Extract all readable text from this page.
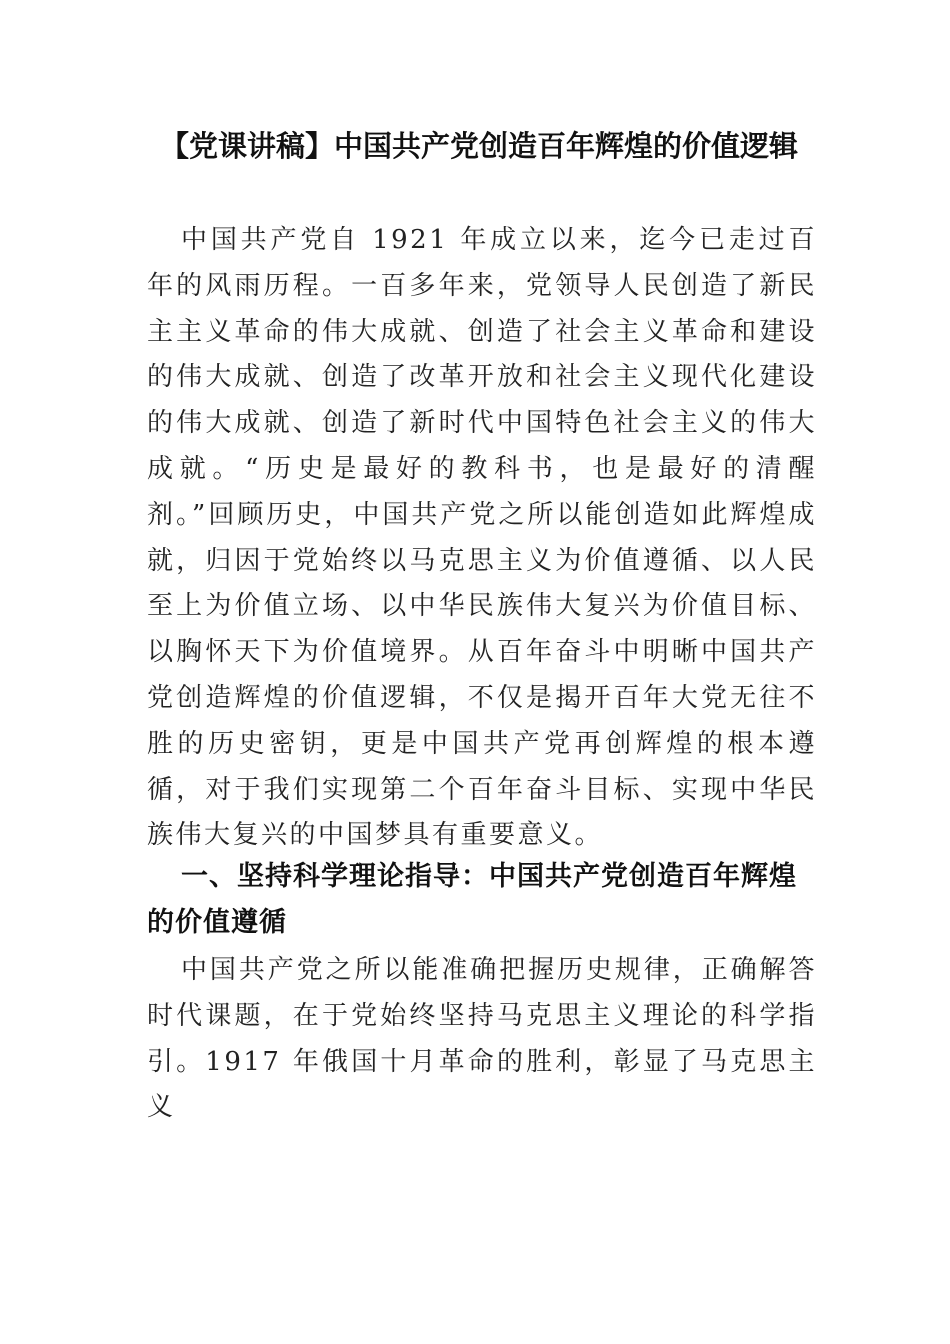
【党课讲稿】中国共产党创造百年辉煌的价值逻辑

中国共产党自 1921 年成立以来，迄今已走过百年的风雨历程。一百多年来，党领导人民创造了新民主主义革命的伟大成就、创造了社会主义革命和建设的伟大成就、创造了改革开放和社会主义现代化建设的伟大成就、创造了新时代中国特色社会主义的伟大成就。“历史是最好的教科书，也是最好的清醒剂。”回顾历史，中国共产党之所以能创造如此辉煌成就，归因于党始终以马克思主义为价值遵循、以人民至上为价值立场、以中华民族伟大复兴为价值目标、以胸怀天下为价值境界。从百年奋斗中明晰中国共产党创造辉煌的价值逻辑，不仅是揭开百年大党无往不胜的历史密钥，更是中国共产党再创辉煌的根本遵循，对于我们实现第二个百年奋斗目标、实现中华民族伟大复兴的中国梦具有重要意义。

一、坚持科学理论指导：中国共产党创造百年辉煌的价值遵循

中国共产党之所以能准确把握历史规律，正确解答时代课题，在于党始终坚持马克思主义理论的科学指引。1917 年俄国十月革命的胜利，彰显了马克思主义
